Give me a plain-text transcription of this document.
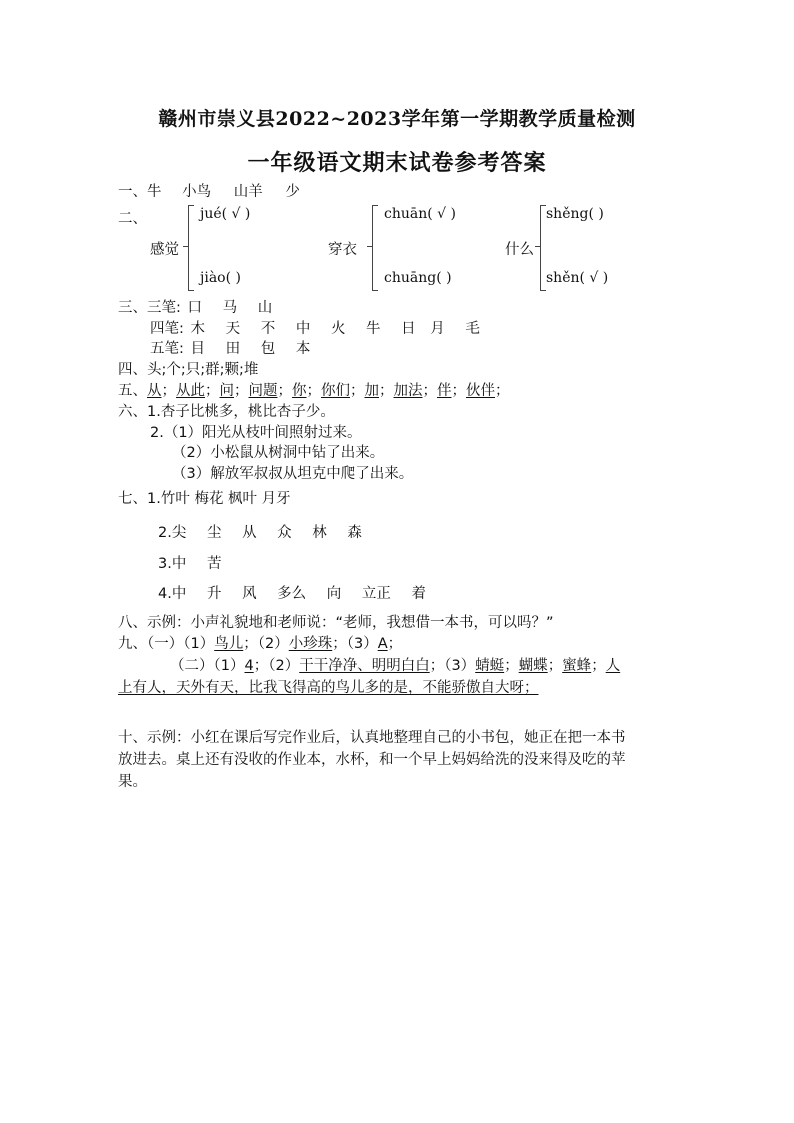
赣州市崇义县2022~2023学年第一学期教学质量检测
一年级语文期末试卷参考答案
一、牛 小鸟 山羊 少
二、
感觉
jué( √ )
jiào( )
穿衣
chuān( √ )
chuāng( )
什么
shěng( )
shěn( √ )
三、三笔: 口 马 山
四笔: 木 天 不 中 火 牛 日 月 毛
五笔: 目 田 包 本
四、头;个;只;群;颗;堆
五、从；从此；问；问题；你；你们；加；加法；伴；伙伴；
六、1.杏子比桃多，桃比杏子少。
2.（1）阳光从枝叶间照射过来。
（2）小松鼠从树洞中钻了出来。
（3）解放军叔叔从坦克中爬了出来。
七、1.竹叶 梅花 枫叶 月牙
2.尖 尘 从 众 林 森
3.中 苦
4.中 升 风 多么 向 立正 着
八、示例：小声礼貌地和老师说：“老师，我想借一本书，可以吗？”
九、（一）（1）鸟儿；（2）小珍珠；（3）A；
（二）（1）4；（2）干干净净、明明白白；（3）蜻蜓；蝴蝶；蜜蜂；人
上有人，天外有天，比我飞得高的鸟儿多的是，不能骄傲自大呀；
十、示例：小红在课后写完作业后，认真地整理自己的小书包，她正在把一本书
放进去。桌上还有没收的作业本，水杯，和一个早上妈妈给洗的没来得及吃的苹
果。
